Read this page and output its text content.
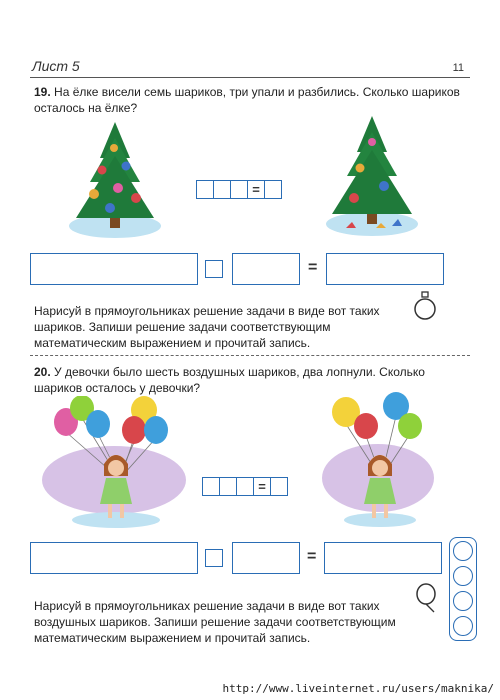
Лист 5	11
19. На ёлке висели семь шариков, три упали и разбились. Сколько шариков осталось на ёлке?
=
=
Нарисуй в прямоугольниках решение задачи в виде вот таких шариков. Запиши решение задачи соответствующим математическим выражением и прочитай запись.
20. У девочки было шесть воздушных шариков, два лопнули. Сколько шариков осталось у девочки?
=
=
Нарисуй в прямоугольниках решение задачи в виде вот таких воздушных шариков. Запиши решение задачи соответствующим математическим выражением и прочитай запись.
http://www.liveinternet.ru/users/maknika/
